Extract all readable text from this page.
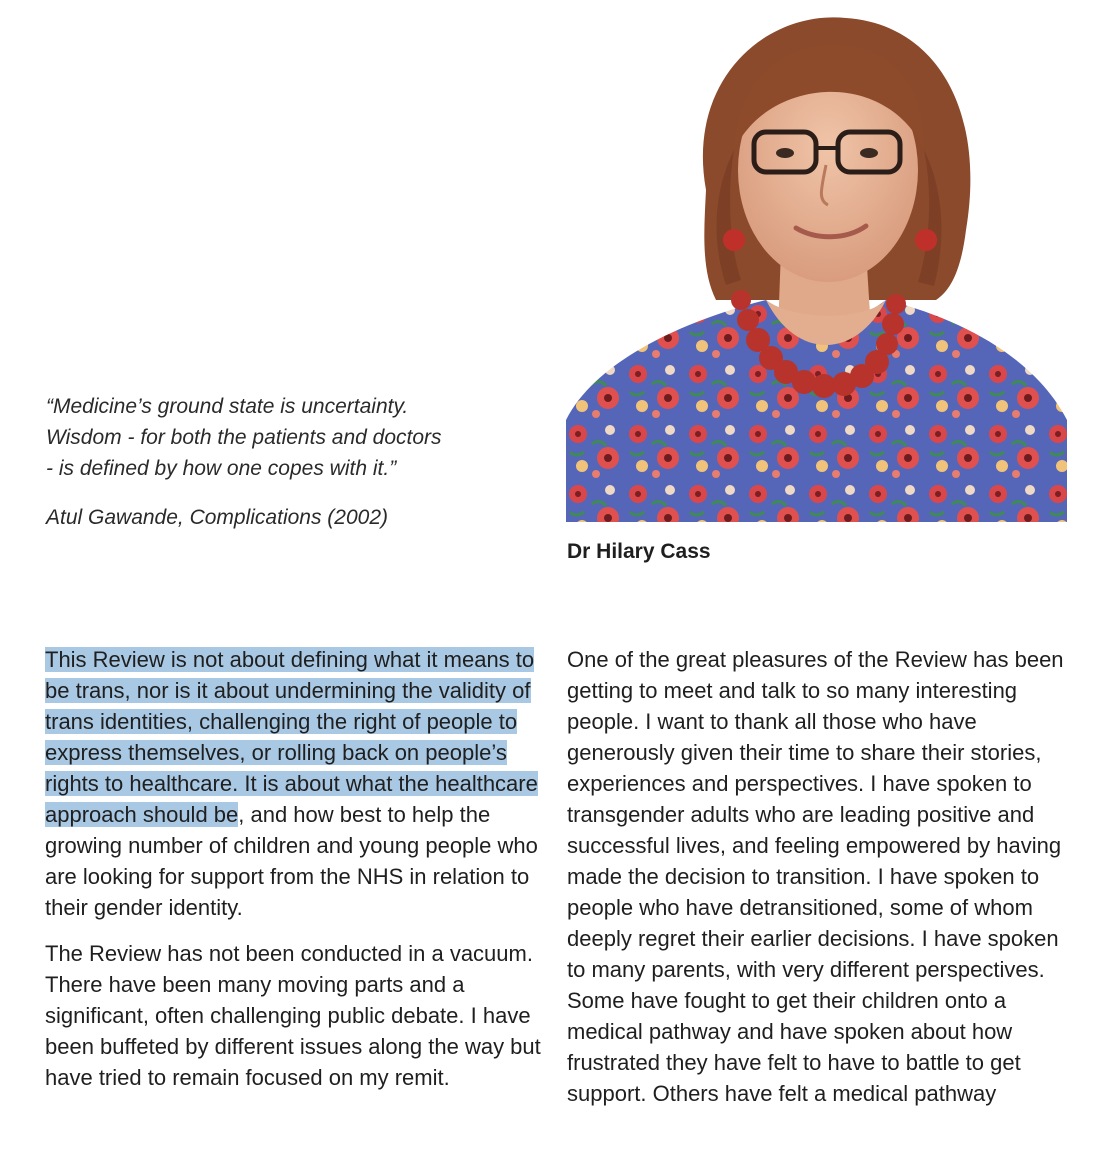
“Medicine’s ground state is uncertainty.

Wisdom - for both the patients and doctors

- is defined by how one copes with it.”

Atul Gawande, Complications (2002)

Dr Hilary Cass

This Review is not about defining what it means to be trans, nor is it about undermining the validity of trans identities, challenging the right of people to express themselves, or rolling back on people’s rights to healthcare. It is about what the healthcare approach should be, and how best to help the growing number of children and young people who are looking for support from the NHS in relation to their gender identity.

The Review has not been conducted in a vacuum. There have been many moving parts and a significant, often challenging public debate. I have been buffeted by different issues along the way but have tried to remain focused on my remit.

One of the great pleasures of the Review has been getting to meet and talk to so many interesting people. I want to thank all those who have generously given their time to share their stories, experiences and perspectives. I have spoken to transgender adults who are leading positive and successful lives, and feeling empowered by having made the decision to transition. I have spoken to people who have detransitioned, some of whom deeply regret their earlier decisions. I have spoken to many parents, with very different perspectives. Some have fought to get their children onto a medical pathway and have spoken about how frustrated they have felt to have to battle to get support. Others have felt a medical pathway
